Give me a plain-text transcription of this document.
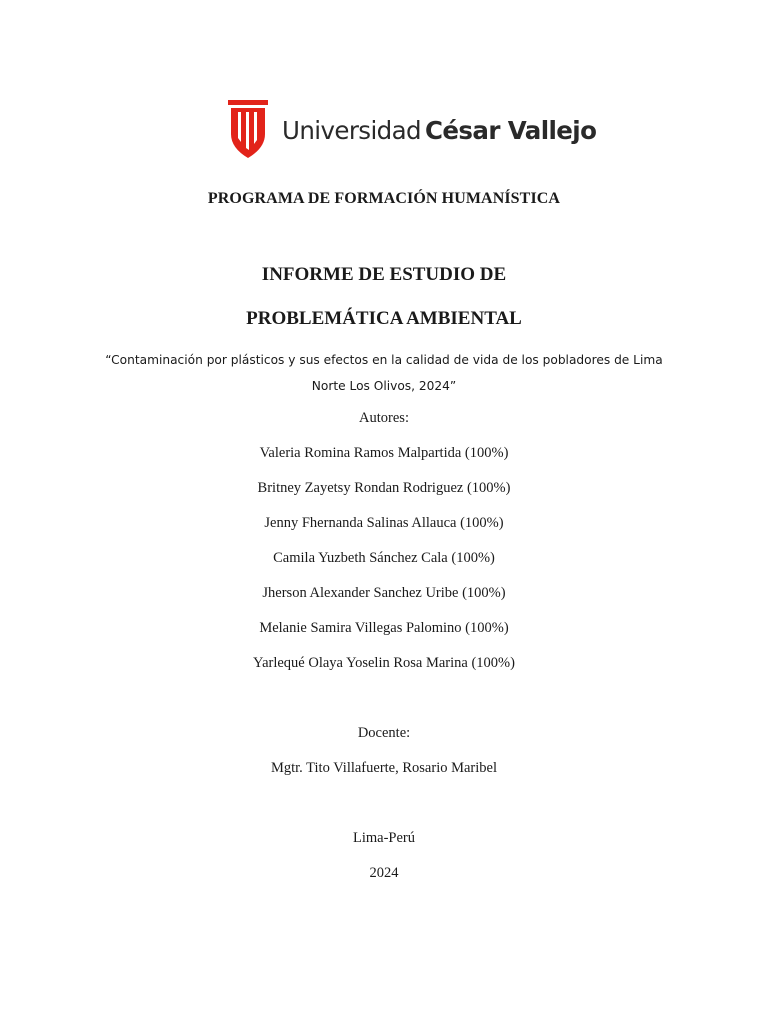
Universidad César Vallejo
PROGRAMA DE FORMACIÓN HUMANÍSTICA
INFORME DE ESTUDIO DE
PROBLEMÁTICA AMBIENTAL
“Contaminación por plásticos y sus efectos en la calidad de vida de los pobladores de Lima Norte Los Olivos, 2024”
Autores:
Valeria Romina Ramos Malpartida (100%)
Britney Zayetsy Rondan Rodriguez (100%)
Jenny Fhernanda Salinas Allauca (100%)
Camila Yuzbeth Sánchez Cala (100%)
Jherson Alexander Sanchez Uribe (100%)
Melanie Samira Villegas Palomino (100%)
Yarlequé Olaya Yoselin Rosa Marina (100%)
Docente:
Mgtr. Tito Villafuerte, Rosario Maribel
Lima-Perú
2024
